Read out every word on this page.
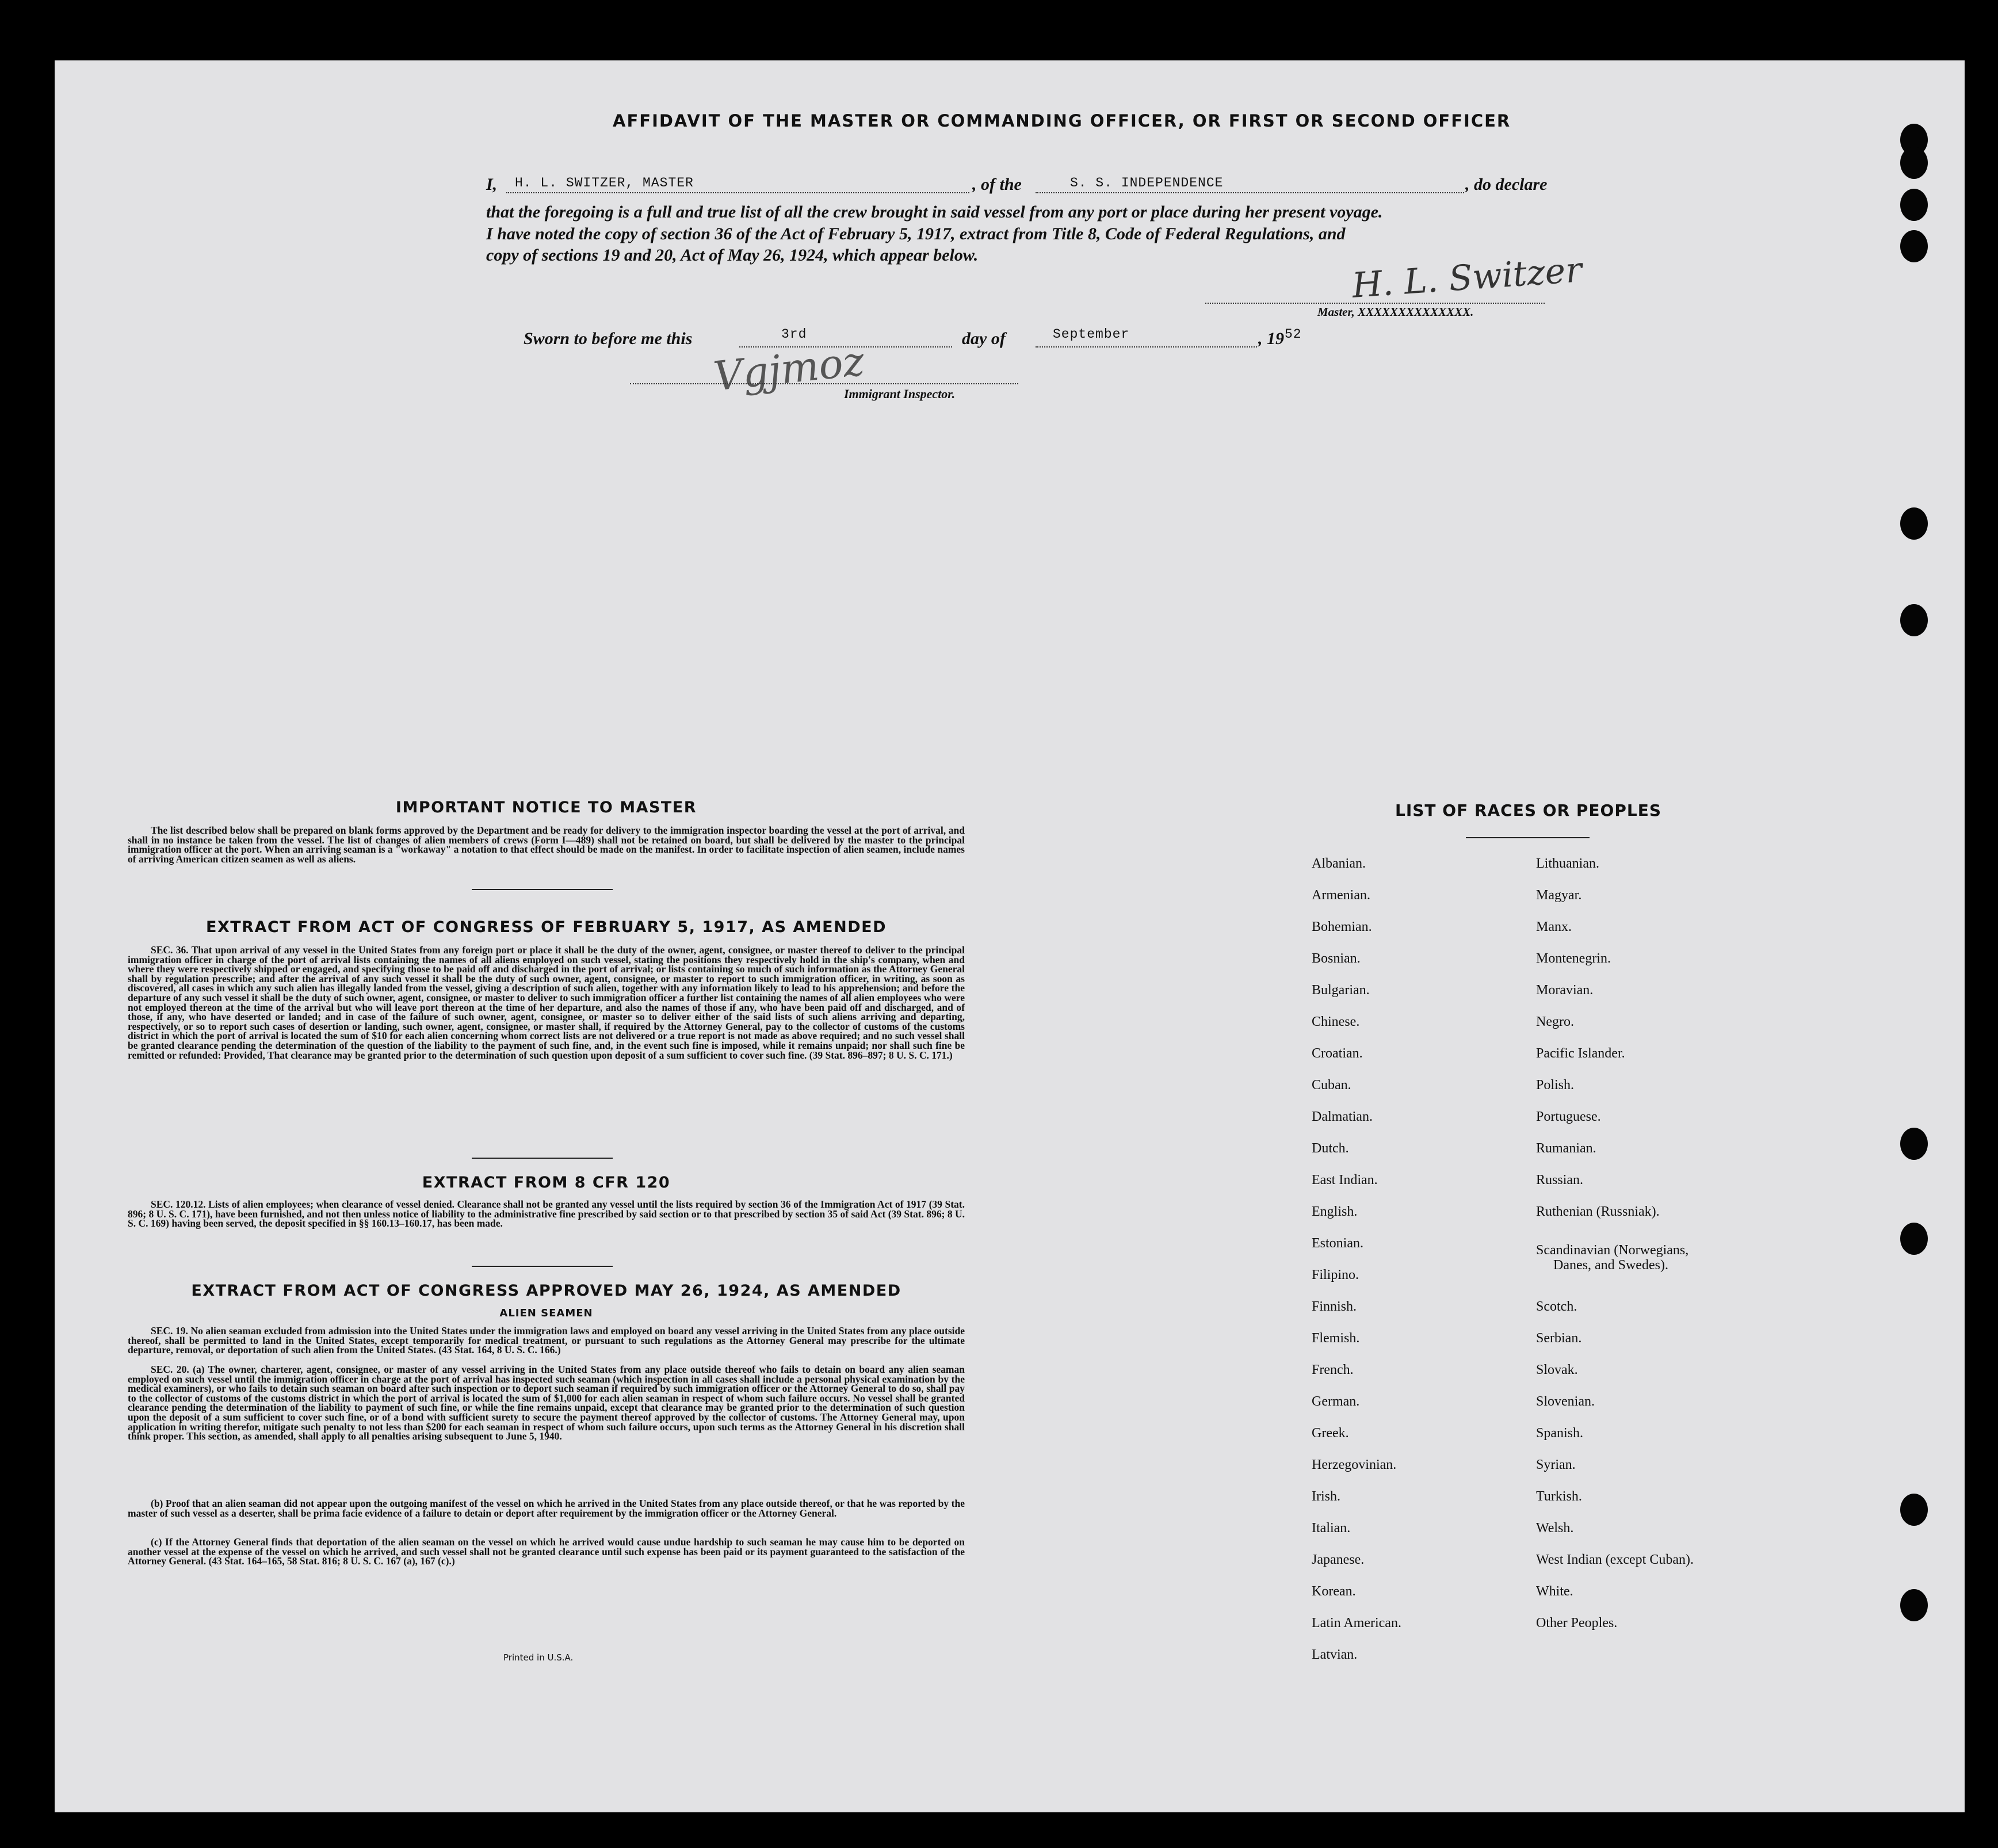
AFFIDAVIT OF THE MASTER OR COMMANDING OFFICER, OR FIRST OR SECOND OFFICER
I, H. L. SWITZER, MASTER	, of the	S. S. INDEPENDENCE	, do declare
that the foregoing is a full and true list of all the crew brought in said vessel from any port or place during her present voyage.
I have noted the copy of section 36 of the Act of February 5, 1917, extract from Title 8, Code of Federal Regulations, and
copy of sections 19 and 20, Act of May 26, 1924, which appear below.	H. L. Switzer
Master, XXXXXXXXXXXXXX.
Sworn to before me this	3rd	day of	September	, 19 52
Vgjmoz
Immigrant Inspector.
IMPORTANT NOTICE TO MASTER
The list described below shall be prepared on blank forms approved by the Department and be ready for delivery to the immigration inspector boarding the vessel at the port of arrival, and shall in no instance be taken from the vessel. The list of changes of alien members of crews (Form I—489) shall not be retained on board, but shall be delivered by the master to the principal immigration officer at the port. When an arriving seaman is a "workaway" a notation to that effect should be made on the manifest. In order to facilitate inspection of alien seamen, include names of arriving American citizen seamen as well as aliens.
EXTRACT FROM ACT OF CONGRESS OF FEBRUARY 5, 1917, AS AMENDED
SEC. 36. That upon arrival of any vessel in the United States from any foreign port or place it shall be the duty of the owner, agent, consignee, or master thereof to deliver to the principal immigration officer in charge of the port of arrival lists containing the names of all aliens employed on such vessel, stating the positions they respectively hold in the ship's company, when and where they were respectively shipped or engaged, and specifying those to be paid off and discharged in the port of arrival; or lists containing so much of such information as the Attorney General shall by regulation prescribe; and after the arrival of any such vessel it shall be the duty of such owner, agent, consignee, or master to report to such immigration officer, in writing, as soon as discovered, all cases in which any such alien has illegally landed from the vessel, giving a description of such alien, together with any information likely to lead to his apprehension; and before the departure of any such vessel it shall be the duty of such owner, agent, consignee, or master to deliver to such immigration officer a further list containing the names of all alien employees who were not employed thereon at the time of the arrival but who will leave port thereon at the time of her departure, and also the names of those if any, who have been paid off and discharged, and of those, if any, who have deserted or landed; and in case of the failure of such owner, agent, consignee, or master so to deliver either of the said lists of such aliens arriving and departing, respectively, or so to report such cases of desertion or landing, such owner, agent, consignee, or master shall, if required by the Attorney General, pay to the collector of customs of the customs district in which the port of arrival is located the sum of $10 for each alien concerning whom correct lists are not delivered or a true report is not made as above required; and no such vessel shall be granted clearance pending the determination of the question of the liability to the payment of such fine, and, in the event such fine is imposed, while it remains unpaid; nor shall such fine be remitted or refunded: Provided, That clearance may be granted prior to the determination of such question upon deposit of a sum sufficient to cover such fine. (39 Stat. 896–897; 8 U. S. C. 171.)
EXTRACT FROM 8 CFR 120
SEC. 120.12. Lists of alien employees; when clearance of vessel denied. Clearance shall not be granted any vessel until the lists required by section 36 of the Immigration Act of 1917 (39 Stat. 896; 8 U. S. C. 171), have been furnished, and not then unless notice of liability to the administrative fine prescribed by said section or to that prescribed by section 35 of said Act (39 Stat. 896; 8 U. S. C. 169) having been served, the deposit specified in §§ 160.13–160.17, has been made.
EXTRACT FROM ACT OF CONGRESS APPROVED MAY 26, 1924, AS AMENDED
ALIEN SEAMEN
SEC. 19. No alien seaman excluded from admission into the United States under the immigration laws and employed on board any vessel arriving in the United States from any place outside thereof, shall be permitted to land in the United States, except temporarily for medical treatment, or pursuant to such regulations as the Attorney General may prescribe for the ultimate departure, removal, or deportation of such alien from the United States. (43 Stat. 164, 8 U. S. C. 166.)
SEC. 20. (a) The owner, charterer, agent, consignee, or master of any vessel arriving in the United States from any place outside thereof who fails to detain on board any alien seaman employed on such vessel until the immigration officer in charge at the port of arrival has inspected such seaman (which inspection in all cases shall include a personal physical examination by the medical examiners), or who fails to detain such seaman on board after such inspection or to deport such seaman if required by such immigration officer or the Attorney General to do so, shall pay to the collector of customs of the customs district in which the port of arrival is located the sum of $1,000 for each alien seaman in respect of whom such failure occurs. No vessel shall be granted clearance pending the determination of the liability to payment of such fine, or while the fine remains unpaid, except that clearance may be granted prior to the determination of such question upon the deposit of a sum sufficient to cover such fine, or of a bond with sufficient surety to secure the payment thereof approved by the collector of customs. The Attorney General may, upon application in writing therefor, mitigate such penalty to not less than $200 for each seaman in respect of whom such failure occurs, upon such terms as the Attorney General in his discretion shall think proper. This section, as amended, shall apply to all penalties arising subsequent to June 5, 1940.
(b) Proof that an alien seaman did not appear upon the outgoing manifest of the vessel on which he arrived in the United States from any place outside thereof, or that he was reported by the master of such vessel as a deserter, shall be prima facie evidence of a failure to detain or deport after requirement by the immigration officer or the Attorney General.
(c) If the Attorney General finds that deportation of the alien seaman on the vessel on which he arrived would cause undue hardship to such seaman he may cause him to be deported on another vessel at the expense of the vessel on which he arrived, and such vessel shall not be granted clearance until such expense has been paid or its payment guaranteed to the satisfaction of the Attorney General. (43 Stat. 164–165, 58 Stat. 816; 8 U. S. C. 167 (a), 167 (c).)
Printed in U.S.A.
LIST OF RACES OR PEOPLES
Albanian.
Armenian.
Bohemian.
Bosnian.
Bulgarian.
Chinese.
Croatian.
Cuban.
Dalmatian.
Dutch.
East Indian.
English.
Estonian.
Filipino.
Finnish.
Flemish.
French.
German.
Greek.
Herzegovinian.
Irish.
Italian.
Japanese.
Korean.
Latin American.
Latvian.
Lithuanian.
Magyar.
Manx.
Montenegrin.
Moravian.
Negro.
Pacific Islander.
Polish.
Portuguese.
Rumanian.
Russian.
Ruthenian (Russniak).
Scandinavian (Norwegians,
Danes, and Swedes).
Scotch.
Serbian.
Slovak.
Slovenian.
Spanish.
Syrian.
Turkish.
Welsh.
West Indian (except Cuban).
White.
Other Peoples.
